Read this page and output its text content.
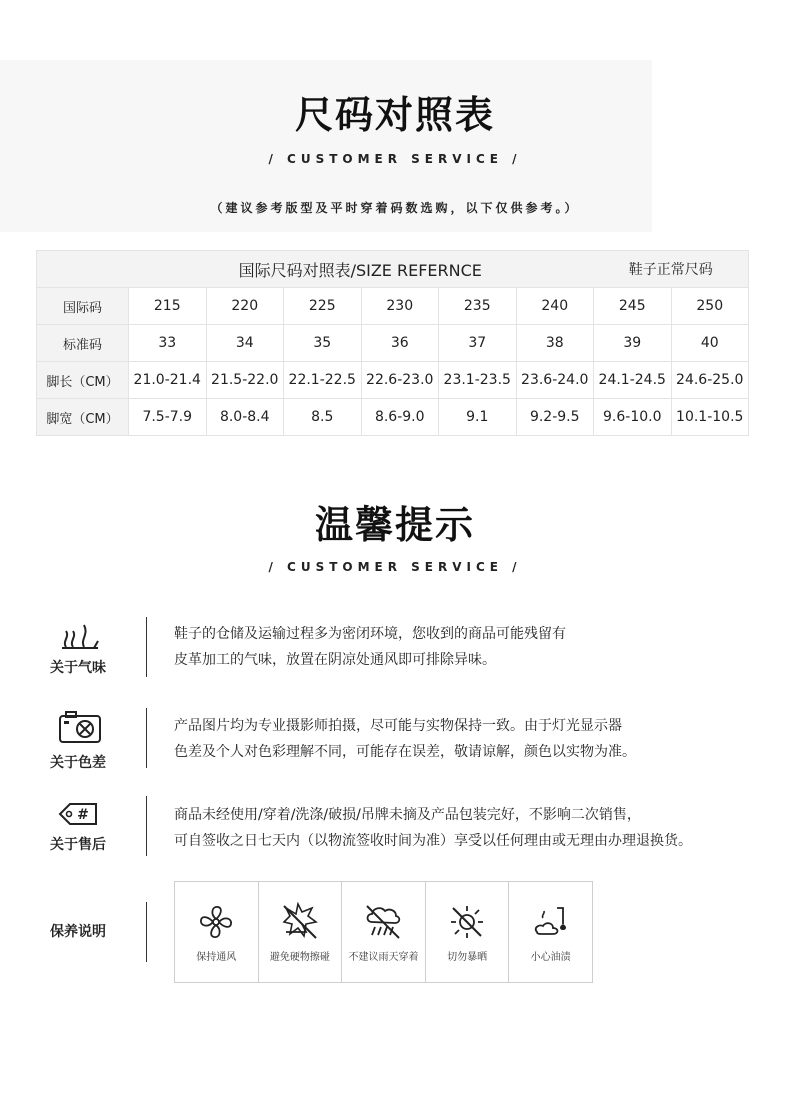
尺码对照表
/ CUSTOMER SERVICE /
（建议参考版型及平时穿着码数选购，以下仅供参考。）
国际尺码对照表/SIZE REFERNCE							鞋子正常尺码	
国际码	215	220	225	230	235	240	245	250
标准码	33	34	35	36	37	38	39	40
脚长（CM）	21.0-21.4	21.5-22.0	22.1-22.5	22.6-23.0	23.1-23.5	23.6-24.0	24.1-24.5	24.6-25.0
脚宽（CM）	7.5-7.9	8.0-8.4	8.5	8.6-9.0	9.1	9.2-9.5	9.6-10.0	10.1-10.5
温馨提示
/ CUSTOMER SERVICE /
关于气味
鞋子的仓储及运输过程多为密闭环境，您收到的商品可能残留有
皮革加工的气味，放置在阴凉处通风即可排除异味。
关于色差
产品图片均为专业摄影师拍摄，尽可能与实物保持一致。由于灯光显示器
色差及个人对色彩理解不同，可能存在误差，敬请谅解，颜色以实物为准。
#
关于售后
商品未经使用/穿着/洗涤/破损/吊牌未摘及产品包装完好，不影响二次销售，
可自签收之日七天内（以物流签收时间为准）享受以任何理由或无理由办理退换货。
保养说明
保持通风	避免硬物擦碰	不建议雨天穿着	切勿暴晒	小心油渍
